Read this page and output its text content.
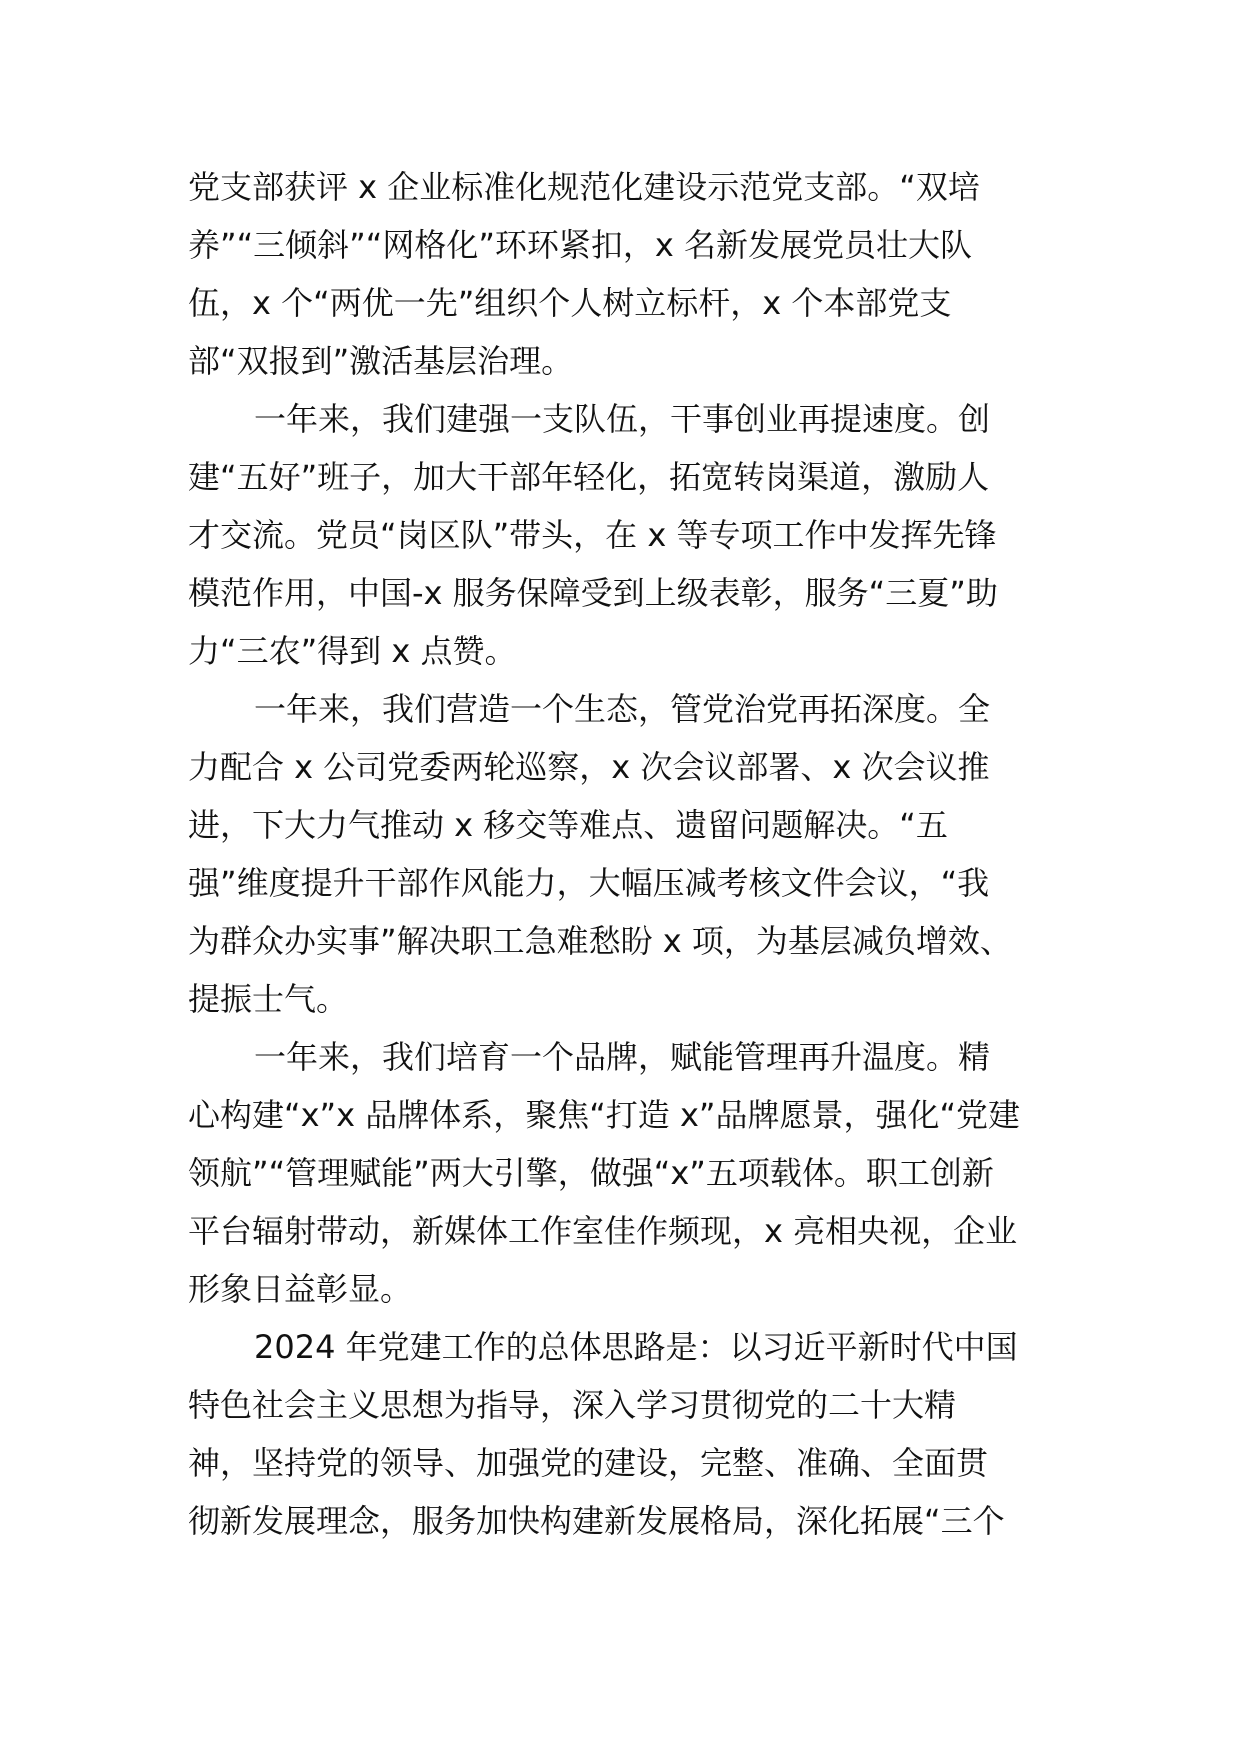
党支部获评 x 企业标准化规范化建设示范党支部。“双培
养”“三倾斜”“网格化”环环紧扣，x 名新发展党员壮大队
伍，x 个“两优一先”组织个人树立标杆，x 个本部党支
部“双报到”激活基层治理。
一年来，我们建强一支队伍，干事创业再提速度。创
建“五好”班子，加大干部年轻化，拓宽转岗渠道，激励人
才交流。党员“岗区队”带头，在 x 等专项工作中发挥先锋
模范作用，中国-x 服务保障受到上级表彰，服务“三夏”助
力“三农”得到 x 点赞。
一年来，我们营造一个生态，管党治党再拓深度。全
力配合 x 公司党委两轮巡察，x 次会议部署、x 次会议推
进，下大力气推动 x 移交等难点、遗留问题解决。“五
强”维度提升干部作风能力，大幅压减考核文件会议，“我
为群众办实事”解决职工急难愁盼 x 项，为基层减负增效、
提振士气。
一年来，我们培育一个品牌，赋能管理再升温度。精
心构建“x”x 品牌体系，聚焦“打造 x”品牌愿景，强化“党建
领航”“管理赋能”两大引擎，做强“x”五项载体。职工创新
平台辐射带动，新媒体工作室佳作频现，x 亮相央视，企业
形象日益彰显。
2024 年党建工作的总体思路是：以习近平新时代中国
特色社会主义思想为指导，深入学习贯彻党的二十大精
神，坚持党的领导、加强党的建设，完整、准确、全面贯
彻新发展理念，服务加快构建新发展格局，深化拓展“三个
